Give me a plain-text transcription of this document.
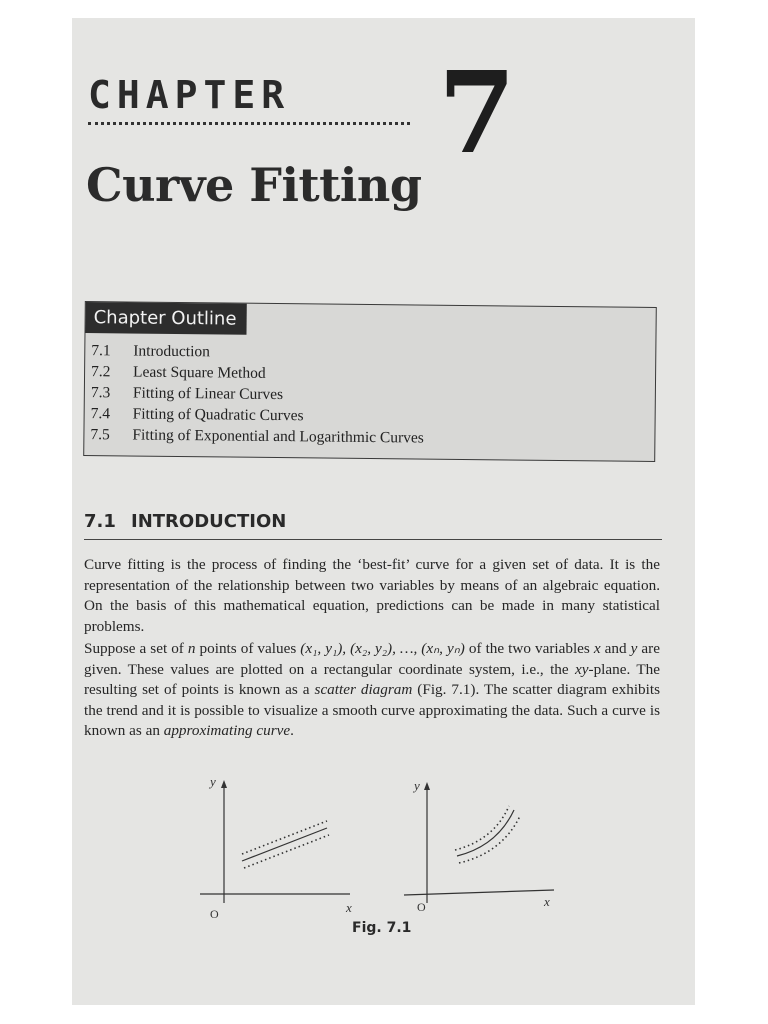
CHAPTER 7
Curve Fitting
Chapter Outline
7.1 Introduction
7.2 Least Square Method
7.3 Fitting of Linear Curves
7.4 Fitting of Quadratic Curves
7.5 Fitting of Exponential and Logarithmic Curves
7.1 INTRODUCTION
Curve fitting is the process of finding the ‘best-fit’ curve for a given set of data. It is the representation of the relationship between two variables by means of an algebraic equation. On the basis of this mathematical equation, predictions can be made in many statistical problems.
Suppose a set of n points of values (x₁, y₁), (x₂, y₂), …, (xₙ, yₙ) of the two variables x and y are given. These values are plotted on a rectangular coordinate system, i.e., the xy-plane. The resulting set of points is known as a scatter diagram (Fig. 7.1). The scatter diagram exhibits the trend and it is possible to visualize a smooth curve approximating the data. Such a curve is known as an approximating curve.
y
x
O
y
x
O
Fig. 7.1
